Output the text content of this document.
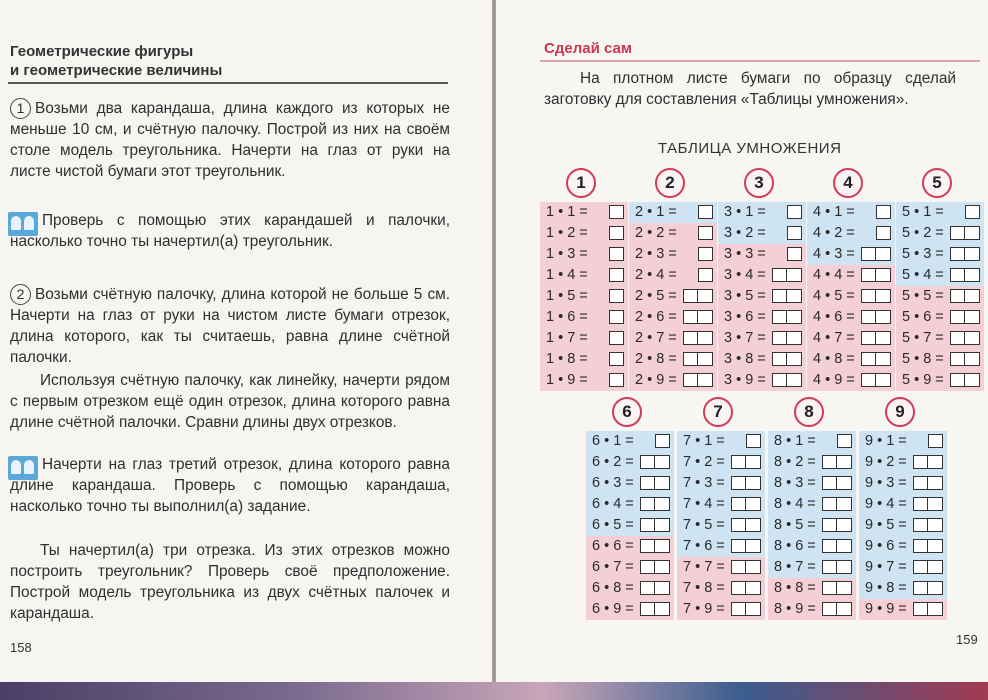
Геометрические фигуры
и геометрические величины

1 Возьми два карандаша, длина каждого из которых не меньше 10 см, и счётную палочку. Построй из них на своём столе модель треугольника. Начерти на глаз от руки на листе чистой бумаги этот треугольник.

Проверь с помощью этих карандашей и палочки, насколько точно ты начертил(а) треугольник.

2 Возьми счётную палочку, длина которой не больше 5 см. Начерти на глаз от руки на чистом листе бумаги отрезок, длина которого, как ты считаешь, равна длине счётной палочки.

Используя счётную палочку, как линейку, начерти рядом с первым отрезком ещё один отрезок, длина которого равна длине счётной палочки. Сравни длины двух отрезков.

Начерти на глаз третий отрезок, длина которого равна длине карандаша. Проверь с помощью карандаша, насколько точно ты выполнил(а) задание.

Ты начертил(а) три отрезка. Из этих отрезков можно построить треугольник? Проверь своё предположение. Построй модель треугольника из двух счётных палочек и карандаша.

158
Сделай сам
На плотном листе бумаги по образцу сделай заготовку для составления «Таблицы умножения».
ТАБЛИЦА УМНОЖЕНИЯ
1
1 • 1 =
1 • 2 =
1 • 3 =
1 • 4 =
1 • 5 =
1 • 6 =
1 • 7 =
1 • 8 =
1 • 9 =
2
2 • 1 =
2 • 2 =
2 • 3 =
2 • 4 =
2 • 5 =
2 • 6 =
2 • 7 =
2 • 8 =
2 • 9 =
3
3 • 1 =
3 • 2 =
3 • 3 =
3 • 4 =
3 • 5 =
3 • 6 =
3 • 7 =
3 • 8 =
3 • 9 =
4
4 • 1 =
4 • 2 =
4 • 3 =
4 • 4 =
4 • 5 =
4 • 6 =
4 • 7 =
4 • 8 =
4 • 9 =
5
5 • 1 =
5 • 2 =
5 • 3 =
5 • 4 =
5 • 5 =
5 • 6 =
5 • 7 =
5 • 8 =
5 • 9 =
6
6 • 1 =
6 • 2 =
6 • 3 =
6 • 4 =
6 • 5 =
6 • 6 =
6 • 7 =
6 • 8 =
6 • 9 =
7
7 • 1 =
7 • 2 =
7 • 3 =
7 • 4 =
7 • 5 =
7 • 6 =
7 • 7 =
7 • 8 =
7 • 9 =
8
8 • 1 =
8 • 2 =
8 • 3 =
8 • 4 =
8 • 5 =
8 • 6 =
8 • 7 =
8 • 8 =
8 • 9 =
9
9 • 1 =
9 • 2 =
9 • 3 =
9 • 4 =
9 • 5 =
9 • 6 =
9 • 7 =
9 • 8 =
9 • 9 =
159
